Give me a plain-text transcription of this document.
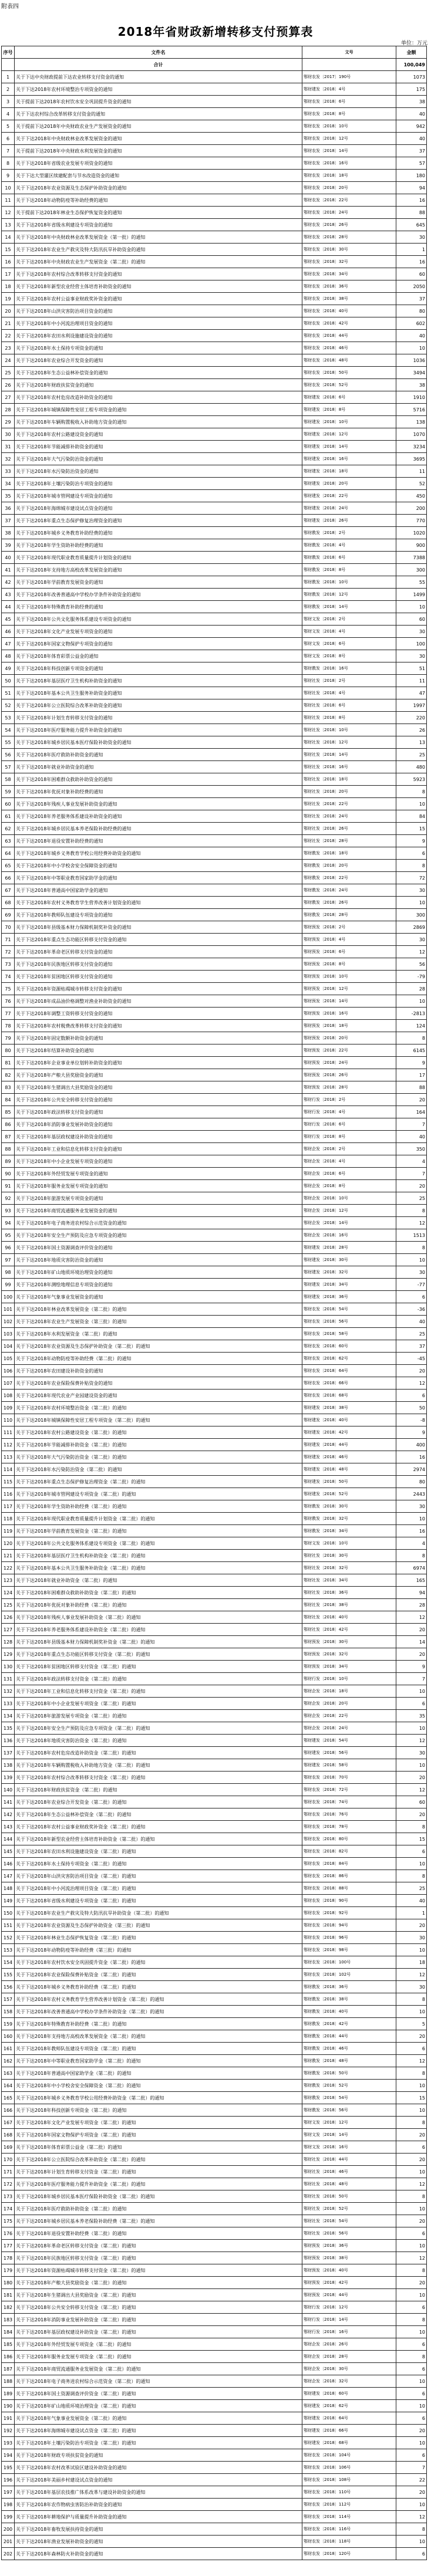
附表四
2018年省财政新增转移支付预算表
单位：万元
序号	文件名	文号	金额
	合计		100,049
1	关于下达中央财政提前下达农业转移支付资金的通知	鄂财农发〔2017〕190号	1073
2	关于下达2018年农村环境整治专项资金的通知	鄂财建发〔2018〕4号	175
3	关于提前下达2018年农村饮水安全巩固提升资金的通知	鄂财农发〔2018〕6号	38
4	关于下达农村综合改革转移支付资金的通知	鄂财农发〔2018〕8号	40
5	关于提前下达2018年中央财政农业生产发展资金的通知	鄂财农发〔2018〕10号	942
6	关于下达2018年中央财政林业改革发展资金的通知	鄂财农发〔2018〕12号	40
7	关于提前下达2018年中央财政水利发展资金的通知	鄂财农发〔2018〕14号	37
8	关于下达2018年省级农业发展专项资金的通知	鄂财农发〔2018〕16号	57
9	关于下达大型灌区续建配套与节水改造资金的通知	鄂财农发〔2018〕18号	180
10	关于下达2018年农业资源及生态保护补助资金的通知	鄂财农发〔2018〕20号	94
11	关于下达2018年动物防疫等补助经费的通知	鄂财农发〔2018〕22号	16
12	关于提前下达2018年林业生态保护恢复资金的通知	鄂财农发〔2018〕24号	88
13	关于下达2018年省级水利建设专项资金的通知	鄂财农发〔2018〕26号	645
14	关于下达2018年中央财政林业改革发展资金（第一批）的通知	鄂财农发〔2018〕28号	30
15	关于下达2018年农业生产救灾及特大防汛抗旱补助资金的通知	鄂财农发〔2018〕30号	1
16	关于下达2018年中央财政农业生产发展资金（第二批）的通知	鄂财农发〔2018〕32号	16
17	关于下达2018年农村综合改革转移支付资金的通知	鄂财农发〔2018〕34号	60
18	关于下达2018年新型农业经营主体培育补助资金的通知	鄂财农发〔2018〕36号	2050
19	关于下达2018年农村公益事业财政奖补资金的通知	鄂财农发〔2018〕38号	37
20	关于下达2018年山洪灾害防治项目资金的通知	鄂财农发〔2018〕40号	80
21	关于下达2018年中小河流治理项目资金的通知	鄂财农发〔2018〕42号	602
22	关于下达2018年农田水利设施建设资金的通知	鄂财农发〔2018〕44号	40
23	关于下达2018年水土保持专项资金的通知	鄂财农发〔2018〕46号	10
24	关于下达2018年农业综合开发资金的通知	鄂财农发〔2018〕48号	1036
25	关于下达2018年生态公益林补偿资金的通知	鄂财农发〔2018〕50号	3494
26	关于下达2018年财政扶贫资金的通知	鄂财农发〔2018〕52号	38
27	关于下达2018年农村危房改造补助资金的通知	鄂财建发〔2018〕6号	1910
28	关于下达2018年城镇保障性安居工程专项资金的通知	鄂财建发〔2018〕8号	5716
29	关于下达2018年车辆购置税收入补助地方资金的通知	鄂财建发〔2018〕10号	138
30	关于下达2018年农村公路建设资金的通知	鄂财建发〔2018〕12号	1070
31	关于下达2018年节能减排补助资金的通知	鄂财建发〔2018〕14号	3234
32	关于下达2018年大气污染防治资金的通知	鄂财建发〔2018〕16号	3695
33	关于下达2018年水污染防治资金的通知	鄂财建发〔2018〕18号	11
34	关于下达2018年土壤污染防治专项资金的通知	鄂财建发〔2018〕20号	52
35	关于下达2018年城市管网建设专项资金的通知	鄂财建发〔2018〕22号	450
36	关于下达2018年海绵城市建设试点资金的通知	鄂财建发〔2018〕24号	200
37	关于下达2018年重点生态保护修复治理资金的通知	鄂财建发〔2018〕26号	770
38	关于下达2018年城乡义务教育补助经费的通知	鄂财教发〔2018〕2号	1020
39	关于下达2018年学生资助补助经费的通知	鄂财教发〔2018〕4号	900
40	关于下达2018年现代职业教育质量提升计划资金的通知	鄂财教发〔2018〕6号	7388
41	关于下达2018年支持地方高校改革发展资金的通知	鄂财教发〔2018〕8号	300
42	关于下达2018年学前教育发展资金的通知	鄂财教发〔2018〕10号	55
43	关于下达2018年改善普通高中学校办学条件补助资金的通知	鄂财教发〔2018〕12号	1499
44	关于下达2018年特殊教育补助经费的通知	鄂财教发〔2018〕14号	10
45	关于下达2018年公共文化服务体系建设专项资金的通知	鄂财文发〔2018〕2号	60
46	关于下达2018年文化产业发展专项资金的通知	鄂财文发〔2018〕4号	30
47	关于下达2018年国家文物保护专项资金的通知	鄂财文发〔2018〕6号	100
48	关于下达2018年体育彩票公益金的通知	鄂财文发〔2018〕8号	30
49	关于下达2018年科技创新专项资金的通知	鄂财教发〔2018〕16号	51
50	关于下达2018年基层医疗卫生机构补助资金的通知	鄂财社发〔2018〕2号	11
51	关于下达2018年基本公共卫生服务补助资金的通知	鄂财社发〔2018〕4号	47
52	关于下达2018年公立医院综合改革补助资金的通知	鄂财社发〔2018〕6号	1997
53	关于下达2018年计划生育转移支付资金的通知	鄂财社发〔2018〕8号	220
54	关于下达2018年医疗服务能力提升补助资金的通知	鄂财社发〔2018〕10号	26
55	关于下达2018年城乡居民基本医疗保险补助资金的通知	鄂财社发〔2018〕12号	13
56	关于下达2018年医疗救助补助资金的通知	鄂财社发〔2018〕14号	25
57	关于下达2018年就业补助资金的通知	鄂财社发〔2018〕16号	480
58	关于下达2018年困难群众救助补助资金的通知	鄂财社发〔2018〕18号	5923
59	关于下达2018年优抚对象补助经费的通知	鄂财社发〔2018〕20号	8
60	关于下达2018年残疾人事业发展补助资金的通知	鄂财社发〔2018〕22号	10
61	关于下达2018年养老服务体系建设补助资金的通知	鄂财社发〔2018〕24号	84
62	关于下达2018年城乡居民基本养老保险补助经费的通知	鄂财社发〔2018〕26号	15
63	关于下达2018年退役安置补助经费的通知	鄂财社发〔2018〕28号	9
64	关于下达2018年城乡义务教育学校公用经费补助资金的通知	鄂财教发〔2018〕18号	6
65	关于下达2018年中小学校舍安全保障资金的通知	鄂财教发〔2018〕20号	8
66	关于下达2018年中等职业教育国家助学金的通知	鄂财教发〔2018〕22号	72
67	关于下达2018年普通高中国家助学金的通知	鄂财教发〔2018〕24号	30
68	关于下达2018年农村义务教育学生营养改善计划资金的通知	鄂财教发〔2018〕26号	10
69	关于下达2018年教师队伍建设专项资金的通知	鄂财教发〔2018〕28号	300
70	关于下达2018年县级基本财力保障机制奖补资金的通知	鄂财预发〔2018〕2号	2869
71	关于下达2018年重点生态功能区转移支付资金的通知	鄂财预发〔2018〕4号	30
72	关于下达2018年革命老区转移支付资金的通知	鄂财预发〔2018〕6号	12
73	关于下达2018年民族地区转移支付资金的通知	鄂财预发〔2018〕8号	56
74	关于下达2018年贫困地区转移支付资金的通知	鄂财预发〔2018〕10号	-79
75	关于下达2018年资源枯竭城市转移支付资金的通知	鄂财预发〔2018〕12号	28
76	关于下达2018年成品油价格调整对渔业补助资金的通知	鄂财预发〔2018〕14号	10
77	关于下达2018年调整工资转移支付资金的通知	鄂财预发〔2018〕16号	-2813
78	关于下达2018年农村税费改革转移支付资金的通知	鄂财预发〔2018〕18号	124
79	关于下达2018年固定数额补助资金的通知	鄂财预发〔2018〕20号	8
80	关于下达2018年结算补助资金的通知	鄂财预发〔2018〕22号	6145
81	关于下达2018年企业事业单位划转补助资金的通知	鄂财预发〔2018〕24号	9
82	关于下达2018年产粮大县奖励资金的通知	鄂财预发〔2018〕26号	17
83	关于下达2018年生猪调出大县奖励资金的通知	鄂财预发〔2018〕28号	88
84	关于下达2018年公共安全转移支付资金的通知	鄂财行发〔2018〕2号	20
85	关于下达2018年政法转移支付资金的通知	鄂财行发〔2018〕4号	164
86	关于下达2018年消防事业发展补助资金的通知	鄂财行发〔2018〕6号	7
87	关于下达2018年基层政权建设补助资金的通知	鄂财行发〔2018〕8号	40
88	关于下达2018年工业和信息化转移支付资金的通知	鄂财企发〔2018〕2号	350
89	关于下达2018年中小企业发展专项资金的通知	鄂财企发〔2018〕4号	4
90	关于下达2018年外经贸发展专项资金的通知	鄂财企发〔2018〕6号	7
91	关于下达2018年服务业发展专项资金的通知	鄂财企发〔2018〕8号	20
92	关于下达2018年旅游发展专项资金的通知	鄂财企发〔2018〕10号	25
93	关于下达2018年商贸流通服务业发展资金的通知	鄂财企发〔2018〕12号	8
94	关于下达2018年电子商务进农村综合示范资金的通知	鄂财企发〔2018〕14号	12
95	关于下达2018年安全生产预防及应急专项资金的通知	鄂财企发〔2018〕16号	1513
96	关于下达2018年国土资源调查评价资金的通知	鄂财建发〔2018〕28号	8
97	关于下达2018年地质灾害防治资金的通知	鄂财建发〔2018〕30号	10
98	关于下达2018年矿山地质环境治理资金的通知	鄂财建发〔2018〕32号	30
99	关于下达2018年测绘地理信息专项资金的通知	鄂财建发〔2018〕34号	-77
100	关于下达2018年气象事业发展资金的通知	鄂财建发〔2018〕36号	6
101	关于下达2018年林业改革发展资金（第二批）的通知	鄂财农发〔2018〕54号	-36
102	关于下达2018年农业生产发展资金（第三批）的通知	鄂财农发〔2018〕56号	40
103	关于下达2018年水利发展资金（第二批）的通知	鄂财农发〔2018〕58号	25
104	关于下达2018年农业资源及生态保护补助资金（第二批）的通知	鄂财农发〔2018〕60号	37
105	关于下达2018年动物防疫等补助经费（第二批）的通知	鄂财农发〔2018〕62号	-45
106	关于下达2018年农田建设补助资金的通知	鄂财农发〔2018〕64号	20
107	关于下达2018年农业保险保费补贴资金的通知	鄂财农发〔2018〕66号	12
108	关于下达2018年现代农业产业园建设资金的通知	鄂财农发〔2018〕68号	6
109	关于下达2018年农村环境整治资金（第二批）的通知	鄂财建发〔2018〕38号	50
110	关于下达2018年城镇保障性安居工程专项资金（第二批）的通知	鄂财建发〔2018〕40号	-8
111	关于下达2018年农村公路建设资金（第二批）的通知	鄂财建发〔2018〕42号	9
112	关于下达2018年节能减排补助资金（第二批）的通知	鄂财建发〔2018〕44号	400
113	关于下达2018年大气污染防治资金（第二批）的通知	鄂财建发〔2018〕46号	16
114	关于下达2018年水污染防治资金（第二批）的通知	鄂财建发〔2018〕48号	2974
115	关于下达2018年重点生态保护修复治理资金（第二批）的通知	鄂财建发〔2018〕50号	80
116	关于下达2018年城市管网建设专项资金（第二批）的通知	鄂财建发〔2018〕52号	2443
117	关于下达2018年学生资助补助经费（第二批）的通知	鄂财教发〔2018〕30号	30
118	关于下达2018年现代职业教育质量提升计划资金（第二批）的通知	鄂财教发〔2018〕32号	10
119	关于下达2018年学前教育发展资金（第二批）的通知	鄂财教发〔2018〕34号	16
120	关于下达2018年公共文化服务体系建设专项资金（第二批）的通知	鄂财文发〔2018〕10号	4
121	关于下达2018年基层医疗卫生机构补助资金（第二批）的通知	鄂财社发〔2018〕30号	8
122	关于下达2018年基本公共卫生服务补助资金（第二批）的通知	鄂财社发〔2018〕32号	6974
123	关于下达2018年就业补助资金（第二批）的通知	鄂财社发〔2018〕34号	165
124	关于下达2018年困难群众救助补助资金（第二批）的通知	鄂财社发〔2018〕36号	94
125	关于下达2018年优抚对象补助经费（第二批）的通知	鄂财社发〔2018〕38号	28
126	关于下达2018年残疾人事业发展补助资金（第二批）的通知	鄂财社发〔2018〕40号	12
127	关于下达2018年养老服务体系建设补助资金（第二批）的通知	鄂财社发〔2018〕42号	20
128	关于下达2018年县级基本财力保障机制奖补资金（第二批）的通知	鄂财预发〔2018〕30号	14
129	关于下达2018年重点生态功能区转移支付资金（第二批）的通知	鄂财预发〔2018〕32号	20
130	关于下达2018年贫困地区转移支付资金（第二批）的通知	鄂财预发〔2018〕34号	9
131	关于下达2018年政法转移支付资金（第二批）的通知	鄂财行发〔2018〕10号	7
132	关于下达2018年工业和信息化转移支付资金（第二批）的通知	鄂财企发〔2018〕18号	10
133	关于下达2018年中小企业发展专项资金（第二批）的通知	鄂财企发〔2018〕20号	6
134	关于下达2018年旅游发展专项资金（第二批）的通知	鄂财企发〔2018〕22号	35
135	关于下达2018年安全生产预防及应急专项资金（第二批）的通知	鄂财企发〔2018〕24号	10
136	关于下达2018年地质灾害防治资金（第二批）的通知	鄂财建发〔2018〕54号	12
137	关于下达2018年农村危房改造补助资金（第二批）的通知	鄂财建发〔2018〕56号	30
138	关于下达2018年车辆购置税收入补助地方资金（第二批）的通知	鄂财建发〔2018〕58号	10
139	关于下达2018年农村综合改革转移支付资金（第二批）的通知	鄂财农发〔2018〕70号	20
140	关于下达2018年财政扶贫资金（第二批）的通知	鄂财农发〔2018〕72号	12
141	关于下达2018年农业综合开发资金（第二批）的通知	鄂财农发〔2018〕74号	60
142	关于下达2018年生态公益林补偿资金（第二批）的通知	鄂财农发〔2018〕76号	20
143	关于下达2018年农村公益事业财政奖补资金（第二批）的通知	鄂财农发〔2018〕78号	8
144	关于下达2018年新型农业经营主体培育补助资金（第二批）的通知	鄂财农发〔2018〕80号	15
145	关于下达2018年农田水利设施建设资金（第二批）的通知	鄂财农发〔2018〕82号	6
146	关于下达2018年水土保持专项资金（第二批）的通知	鄂财农发〔2018〕84号	10
147	关于下达2018年山洪灾害防治项目资金（第二批）的通知	鄂财农发〔2018〕86号	8
148	关于下达2018年中小河流治理项目资金（第二批）的通知	鄂财农发〔2018〕88号	25
149	关于下达2018年省级水利建设专项资金（第二批）的通知	鄂财农发〔2018〕90号	40
150	关于下达2018年农业生产救灾及特大防汛抗旱补助资金（第二批）的通知	鄂财农发〔2018〕92号	1
151	关于下达2018年农业资源及生态保护补助资金（第三批）的通知	鄂财农发〔2018〕94号	20
152	关于下达2018年林业生态保护恢复资金（第二批）的通知	鄂财农发〔2018〕96号	30
153	关于下达2018年动物防疫等补助经费（第三批）的通知	鄂财农发〔2018〕98号	10
154	关于下达2018年农村饮水安全巩固提升资金（第二批）的通知	鄂财农发〔2018〕100号	18
155	关于下达2018年农业保险保费补贴资金（第二批）的通知	鄂财农发〔2018〕102号	12
156	关于下达2018年城乡义务教育补助经费（第二批）的通知	鄂财教发〔2018〕36号	30
157	关于下达2018年农村义务教育学生营养改善计划资金（第二批）的通知	鄂财教发〔2018〕38号	8
158	关于下达2018年改善普通高中学校办学条件补助资金（第二批）的通知	鄂财教发〔2018〕40号	10
159	关于下达2018年特殊教育补助经费（第二批）的通知	鄂财教发〔2018〕42号	5
160	关于下达2018年支持地方高校改革发展资金（第二批）的通知	鄂财教发〔2018〕44号	20
161	关于下达2018年教师队伍建设专项资金（第二批）的通知	鄂财教发〔2018〕46号	6
162	关于下达2018年中等职业教育国家助学金（第二批）的通知	鄂财教发〔2018〕48号	12
163	关于下达2018年普通高中国家助学金（第二批）的通知	鄂财教发〔2018〕50号	8
164	关于下达2018年中小学校舍安全保障资金（第二批）的通知	鄂财教发〔2018〕52号	10
165	关于下达2018年城乡义务教育学校公用经费补助资金（第二批）的通知	鄂财教发〔2018〕54号	15
166	关于下达2018年科技创新专项资金（第二批）的通知	鄂财教发〔2018〕56号	10
167	关于下达2018年文化产业发展专项资金（第二批）的通知	鄂财文发〔2018〕12号	8
168	关于下达2018年国家文物保护专项资金（第二批）的通知	鄂财文发〔2018〕14号	20
169	关于下达2018年体育彩票公益金（第二批）的通知	鄂财文发〔2018〕16号	6
170	关于下达2018年公立医院综合改革补助资金（第二批）的通知	鄂财社发〔2018〕44号	20
171	关于下达2018年计划生育转移支付资金（第二批）的通知	鄂财社发〔2018〕46号	10
172	关于下达2018年医疗服务能力提升补助资金（第二批）的通知	鄂财社发〔2018〕48号	12
173	关于下达2018年城乡居民基本医疗保险补助资金（第二批）的通知	鄂财社发〔2018〕50号	8
174	关于下达2018年医疗救助补助资金（第二批）的通知	鄂财社发〔2018〕52号	10
175	关于下达2018年城乡居民基本养老保险补助经费（第二批）的通知	鄂财社发〔2018〕54号	20
176	关于下达2018年退役安置补助经费（第二批）的通知	鄂财社发〔2018〕56号	6
177	关于下达2018年革命老区转移支付资金（第二批）的通知	鄂财预发〔2018〕36号	10
178	关于下达2018年民族地区转移支付资金（第二批）的通知	鄂财预发〔2018〕38号	12
179	关于下达2018年资源枯竭城市转移支付资金（第二批）的通知	鄂财预发〔2018〕40号	8
180	关于下达2018年产粮大县奖励资金（第二批）的通知	鄂财预发〔2018〕42号	20
181	关于下达2018年生猪调出大县奖励资金（第二批）的通知	鄂财预发〔2018〕44号	10
182	关于下达2018年公共安全转移支付资金（第二批）的通知	鄂财行发〔2018〕12号	6
183	关于下达2018年消防事业发展补助资金（第二批）的通知	鄂财行发〔2018〕14号	8
184	关于下达2018年基层政权建设补助资金（第二批）的通知	鄂财行发〔2018〕16号	10
185	关于下达2018年外经贸发展专项资金（第二批）的通知	鄂财企发〔2018〕26号	6
186	关于下达2018年服务业发展专项资金（第二批）的通知	鄂财企发〔2018〕28号	8
187	关于下达2018年商贸流通服务业发展资金（第二批）的通知	鄂财企发〔2018〕30号	6
188	关于下达2018年电子商务进农村综合示范资金（第二批）的通知	鄂财企发〔2018〕32号	10
189	关于下达2018年国土资源调查评价资金（第二批）的通知	鄂财建发〔2018〕60号	6
190	关于下达2018年矿山地质环境治理资金（第二批）的通知	鄂财建发〔2018〕62号	10
191	关于下达2018年气象事业发展资金（第二批）的通知	鄂财建发〔2018〕64号	6
192	关于下达2018年海绵城市建设试点资金（第二批）的通知	鄂财建发〔2018〕66号	20
193	关于下达2018年土壤污染防治专项资金（第二批）的通知	鄂财建发〔2018〕68号	10
194	关于下达2018年财政专项扶贫资金的通知	鄂财农发〔2018〕104号	6
195	关于下达2018年农村改革试验区建设补助资金的通知	鄂财农发〔2018〕106号	7
196	关于下达2018年美丽乡村建设试点资金的通知	鄂财农发〔2018〕108号	22
197	关于下达2018年基层农技推广体系改革与建设补助资金的通知	鄂财农发〔2018〕110号	20
198	关于下达2018年农作物病虫害防治补助资金的通知	鄂财农发〔2018〕112号	10
199	关于下达2018年耕地保护与质量提升补助资金的通知	鄂财农发〔2018〕114号	12
200	关于下达2018年畜牧发展扶持资金的通知	鄂财农发〔2018〕116号	8
201	关于下达2018年渔业发展补助资金的通知	鄂财农发〔2018〕118号	10
202	关于下达2018年森林防火补助资金的通知	鄂财农发〔2018〕120号	6
